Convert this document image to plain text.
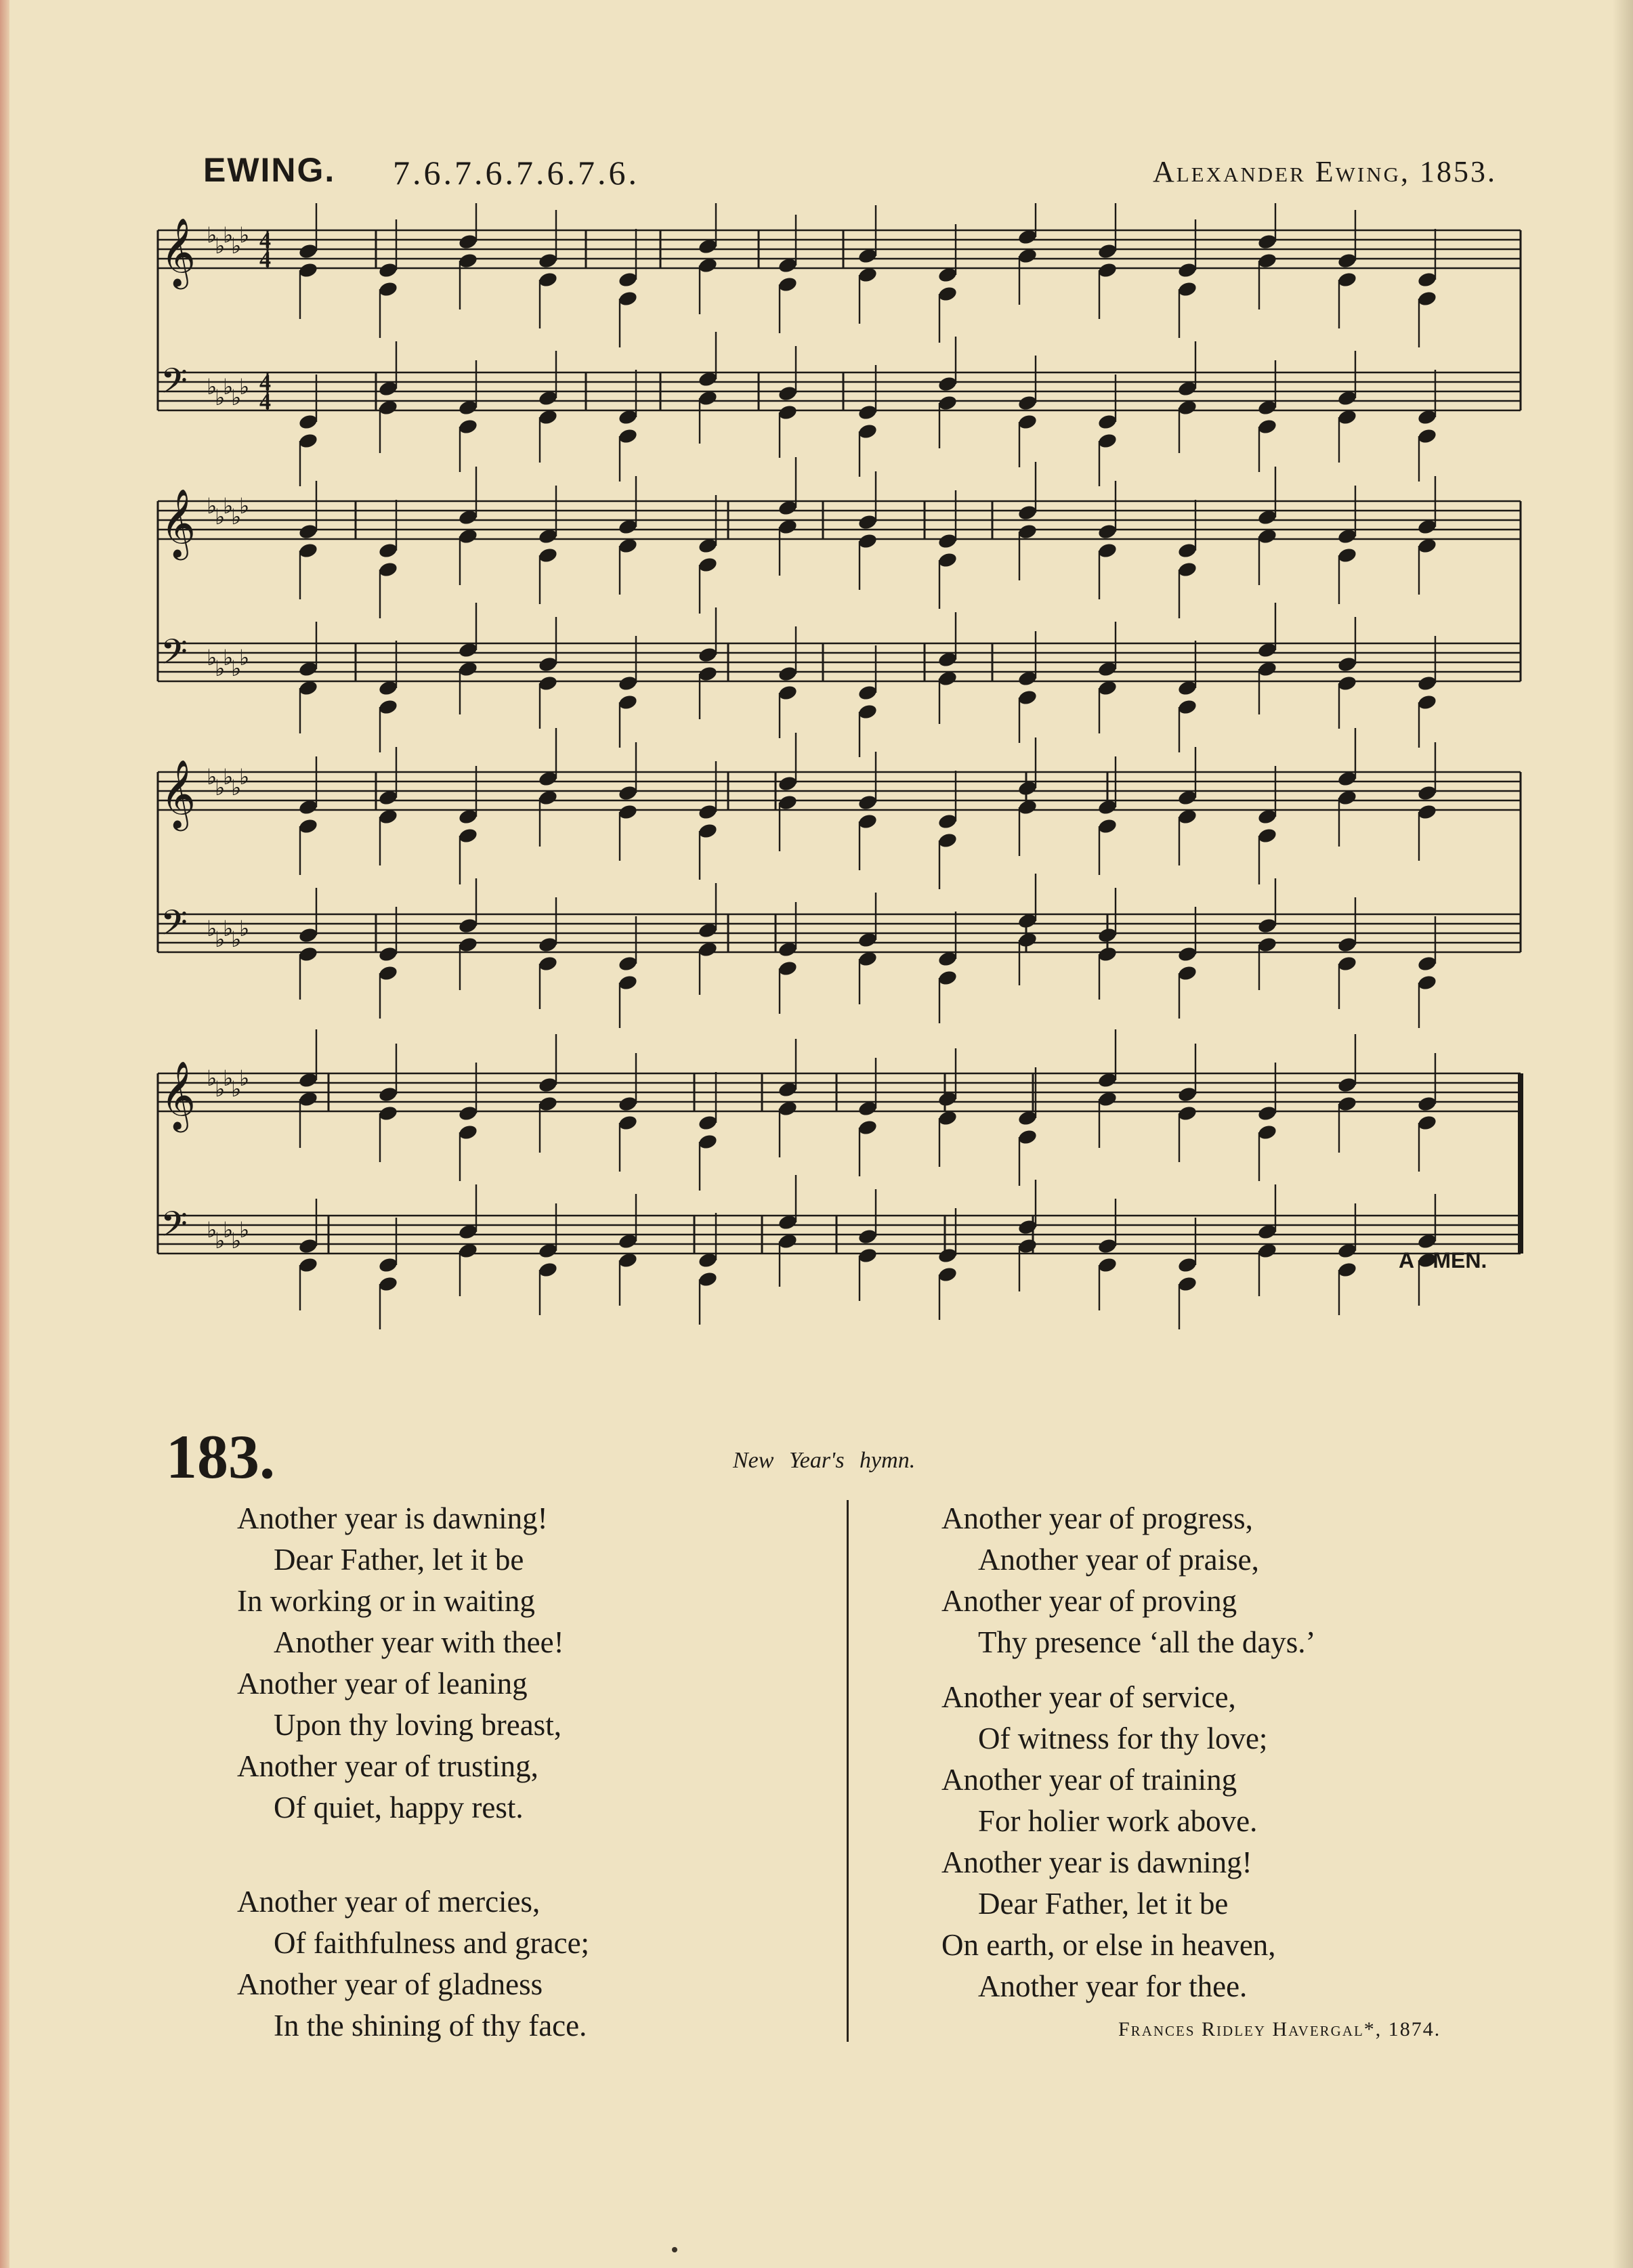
EWING. 7.6.7.6.7.6.7.6.	Alexander Ewing, 1853.
𝄞 ♭
♭
♭
♭
♭
𝄢 ♭
♭
♭
♭
♭
4
4
4
4
𝄞 ♭
♭
♭
♭
♭
𝄢 ♭
♭
♭
♭
♭
𝄞 ♭
♭
♭
♭
♭
𝄢 ♭
♭
♭
♭
♭
𝄞 ♭
♭
♭
♭
♭
𝄢 ♭
♭
♭
♭
♭
A - MEN.
183.	New Year's hymn.
Another year is dawning!
Dear Father, let it be
In working or in waiting
Another year with thee!
Another year of leaning
Upon thy loving breast,
Another year of trusting,
Of quiet, happy rest.
Another year of mercies,
Of faithfulness and grace;
Another year of gladness
In the shining of thy face.
Another year of progress,
Another year of praise,
Another year of proving
Thy presence ‘all the days.’
Another year of service,
Of witness for thy love;
Another year of training
For holier work above.
Another year is dawning!
Dear Father, let it be
On earth, or else in heaven,
Another year for thee.
Frances Ridley Havergal*, 1874.
